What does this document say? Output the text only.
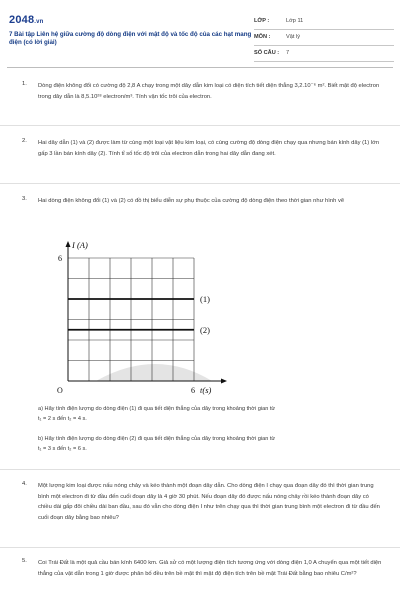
2048.vn
7 Bài tập Liên hệ giữa cường độ dòng điện với mật độ và tốc độ của các hạt mang điện (có lời giải)
LỚP :	Lớp 11
MÔN :	Vật lý
SỐ CÂU : 7
1. Dòng điện không đổi có cường độ 2,8 A chạy trong một dây dẫn kim loại có diện tích tiết diện thẳng 3,2.10⁻⁶ m². Biết mật độ electron trong dây dẫn là 8,5.10²⁸ electron/m³. Tính vận tốc trôi của electron.
2. Hai dây dẫn (1) và (2) được làm từ cùng một loại vật liệu kim loại, có cùng cường độ dòng điện chạy qua nhưng bán kính dây (1) lớn gấp 3 lần bán kính dây (2). Tính tỉ số tốc độ trôi của electron dẫn trong hai dây dẫn đang xét.
3. Hai dòng điện không đổi (1) và (2) có đồ thị biểu diễn sự phụ thuộc của cường độ dòng điện theo thời gian như hình vẽ
(1)
(2)
I (A)
t(s)
6
6
O
a) Hãy tính điện lượng do dòng điện (1) đi qua tiết diện thẳng của dây trong khoảng thời gian từ
t₁ = 2 s đến t₂ = 4 s.
b) Hãy tính điện lượng do dòng điện (2) đi qua tiết diện thẳng của dây trong khoảng thời gian từ
t₁ = 3 s đến t₂ = 6 s.
4. Một lượng kim loại được nấu nóng chảy và kéo thành một đoạn dây dẫn. Cho dòng điện I chạy qua đoạn dây đó thì thời gian trung bình một electron đi từ đầu đến cuối đoạn dây là 4 giờ 30 phút. Nếu đoạn dây đó được nấu nóng chảy rồi kéo thành đoạn dây có chiều dài gấp đôi chiều dài ban đầu, sau đó vẫn cho dòng điện I như trên chạy qua thì thời gian trung bình một electron đi từ đầu đến cuối đoạn dây bằng bao nhiêu?
5. Coi Trái Đất là một quả cầu bán kính 6400 km. Giả sử có một lượng điện tích tương ứng với dòng điện 1,0 A chuyển qua một tiết diện thẳng của vật dẫn trong 1 giờ được phân bố đều trên bề mặt thì mật độ điện tích trên bề mặt Trái Đất bằng bao nhiêu C/m²?
